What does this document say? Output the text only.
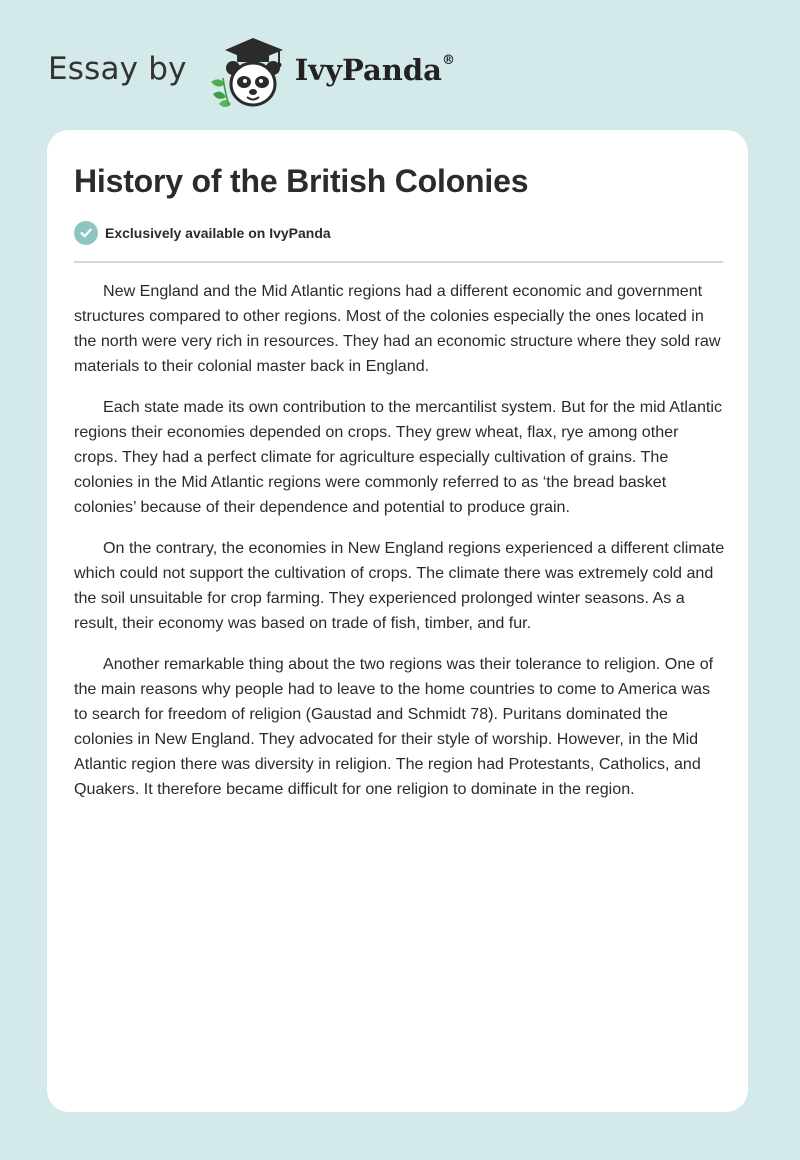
Essay by	IvyPanda®
History of the British Colonies
Exclusively available on IvyPanda

New England and the Mid Atlantic regions had a different economic and government structures compared to other regions. Most of the colonies especially the ones located in the north were very rich in resources. They had an economic structure where they sold raw materials to their colonial master back in England.

Each state made its own contribution to the mercantilist system. But for the mid Atlantic regions their economies depended on crops. They grew wheat, flax, rye among other crops. They had a perfect climate for agriculture especially cultivation of grains. The colonies in the Mid Atlantic regions were commonly referred to as ‘the bread basket colonies’ because of their dependence and potential to produce grain.

On the contrary, the economies in New England regions experienced a different climate which could not support the cultivation of crops. The climate there was extremely cold and the soil unsuitable for crop farming. They experienced prolonged winter seasons. As a result, their economy was based on trade of fish, timber, and fur.

Another remarkable thing about the two regions was their tolerance to religion. One of the main reasons why people had to leave to the home countries to come to America was to search for freedom of religion (Gaustad and Schmidt 78). Puritans dominated the colonies in New England. They advocated for their style of worship. However, in the Mid Atlantic region there was diversity in religion. The region had Protestants, Catholics, and Quakers. It therefore became difficult for one religion to dominate in the region.
